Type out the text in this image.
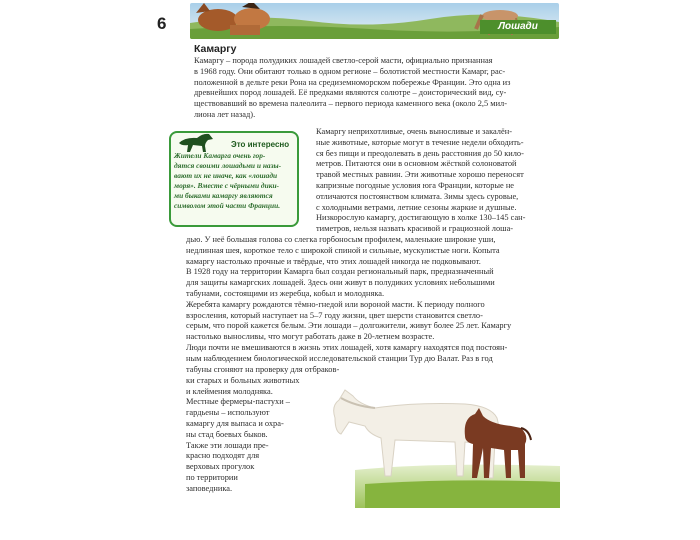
6	Лошади
Камаргу
Камаргу – порода полудиких лошадей светло-серой масти, официально признанная
в 1968 году. Они обитают только в одном регионе – болотистой местности Камарг, рас-
положенной в дельте реки Рона на средиземноморском побережье Франции. Это одна из
древнейших пород лошадей. Её предками являются солютре – доисторический вид, су-
ществовавший во времена палеолита – первого периода каменного века (около 2,5 мил-
лиона лет назад).
Это интересно
Жители Камарга очень гор-
дятся своими лошадьми и назы-
вают их не иначе, как «лошади
моря». Вместе с чёрными дики-
ми быками камаргу являются
символом этой части Франции.
Камаргу неприхотливые, очень выносливые и закалён-
ные животные, которые могут в течение недели обходить-
ся без пищи и преодолевать в день расстояния до 50 кило-
метров. Питаются они в основном жёсткой солоноватой
травой местных равнин. Эти животные хорошо переносят
капризные погодные условия юга Франции, которые не
отличаются постоянством климата. Зимы здесь суровые,
с холодными ветрами, летние сезоны жаркие и душные.
Низкорослую камаргу, достигающую в холке 130–145 сан-
тиметров, нельзя назвать красивой и грациозной лоша-
дью. У неё большая голова со слегка горбоносым профилем, маленькие широкие уши,
недлинная шея, короткое тело с широкой спиной и сильные, мускулистые ноги. Копыта
камаргу настолько прочные и твёрдые, что этих лошадей никогда не подковывают.
В 1928 году на территории Камарга был создан региональный парк, предназначенный
для защиты камаргских лошадей. Здесь они живут в полудиких условиях небольшими
табунами, состоящими из жеребца, кобыл и молодняка.
Жеребята камаргу рождаются тёмно-гнедой или вороной масти. К периоду полного
взросления, который наступает на 5–7 году жизни, цвет шерсти становится светло-
серым, что порой кажется белым. Эти лошади – долгожители, живут более 25 лет. Камаргу
настолько выносливы, что могут работать даже в 20-летнем возрасте.
Люди почти не вмешиваются в жизнь этих лошадей, хотя камаргу находятся под постоян-
ным наблюдением биологической исследовательской станции Тур дю Валат. Раз в год
табуны сгоняют на проверку для отбраков-
ки старых и больных животных
и клеймения молодняка.
Местные фермеры-пастухи –
гардьены – используют
камаргу для выпаса и охра-
ны стад боевых быков.
Также эти лошади пре-
красно подходят для
верховых прогулок
по территории
заповедника.
